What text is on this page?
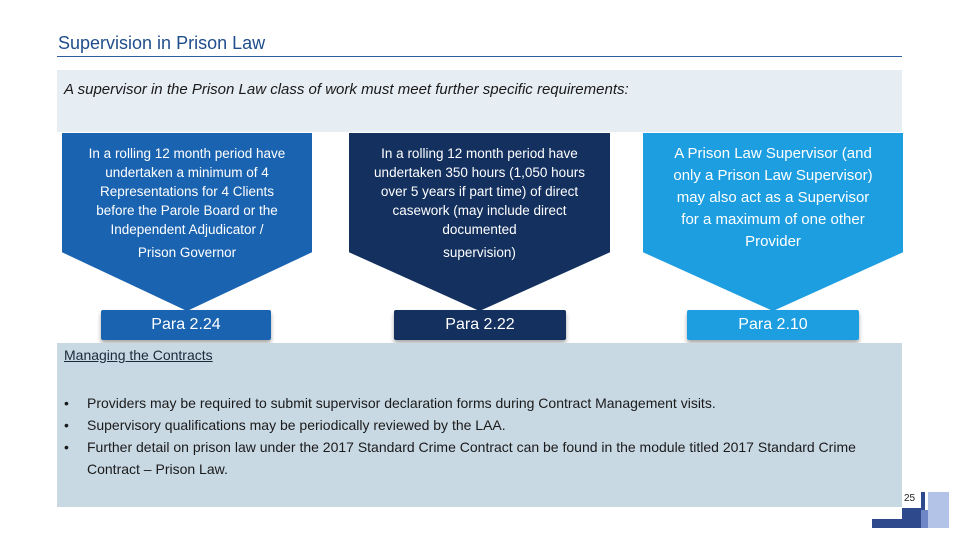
Supervision in Prison Law
A supervisor in the Prison Law class of work must meet further specific requirements:
In a rolling 12 month period have
undertaken a minimum of 4
Representations for 4 Clients
before the Parole Board or the
Independent Adjudicator /
Prison Governor
Para 2.24
In a rolling 12 month period have
undertaken 350 hours (1,050 hours
over 5 years if part time) of direct
casework (may include direct
documented
supervision)
Para 2.22
A Prison Law Supervisor (and
only a Prison Law Supervisor)
may also act as a Supervisor
for a maximum of one other
Provider
Para 2.10
Managing the Contracts
• Providers may be required to submit supervisor declaration forms during Contract Management visits.
• Supervisory qualifications may be periodically reviewed by the LAA.
• Further detail on prison law under the 2017 Standard Crime Contract can be found in the module titled 2017 Standard Crime Contract – Prison Law.
25
